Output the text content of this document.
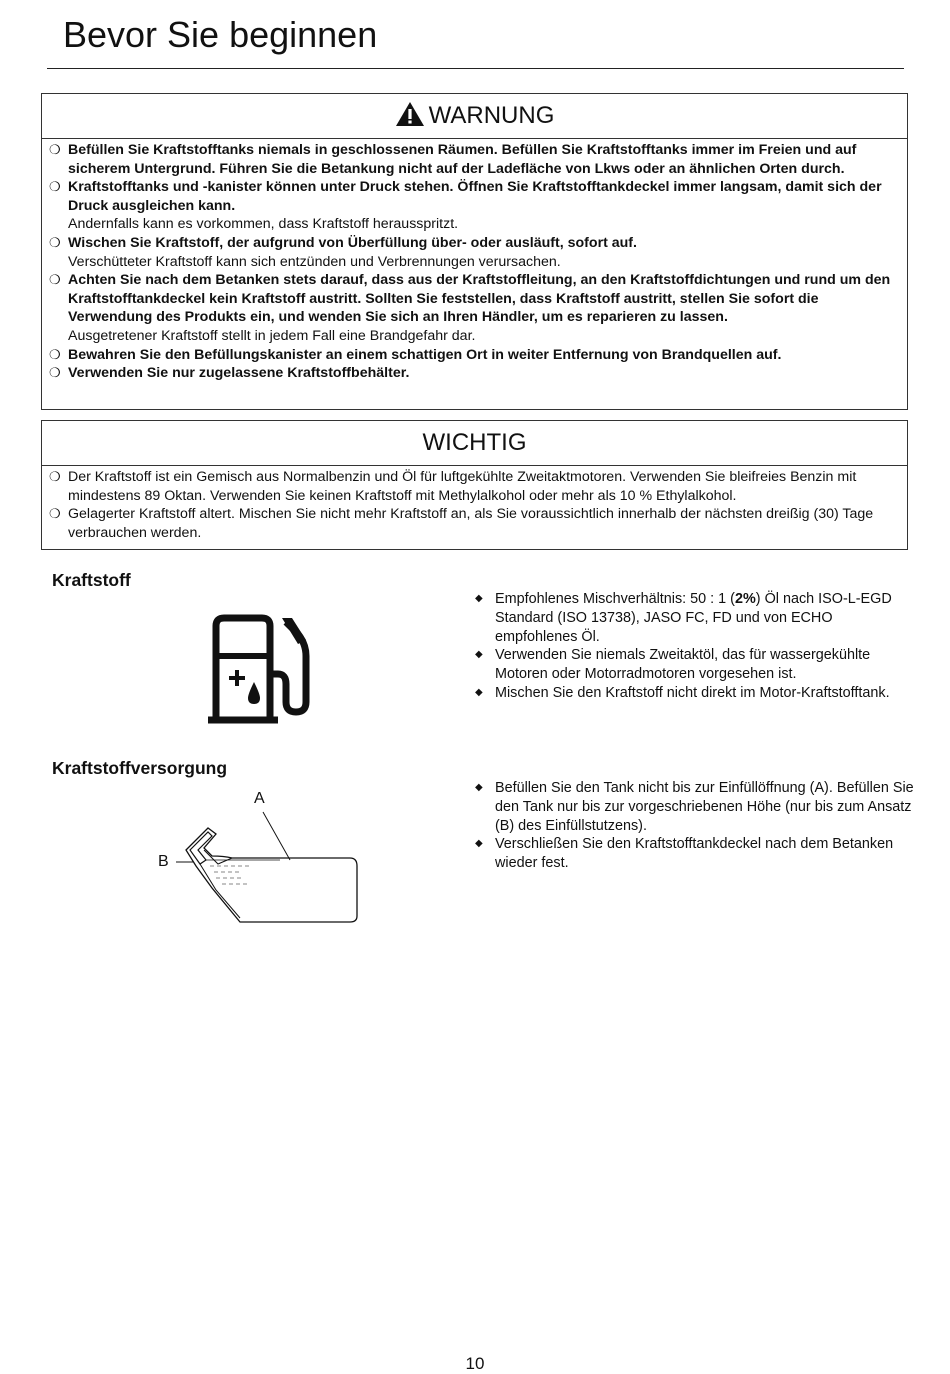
Bevor Sie beginnen
WARNUNG
❍ Befüllen Sie Kraftstofftanks niemals in geschlossenen Räumen. Befüllen Sie Kraftstofftanks immer im Freien und auf sicherem Untergrund. Führen Sie die Betankung nicht auf der Ladefläche von Lkws oder an ähnlichen Orten durch.
❍ Kraftstofftanks und -kanister können unter Druck stehen. Öffnen Sie Kraftstofftankdeckel immer langsam, damit sich der Druck ausgleichen kann.
Andernfalls kann es vorkommen, dass Kraftstoff herausspritzt.
❍ Wischen Sie Kraftstoff, der aufgrund von Überfüllung über- oder ausläuft, sofort auf.
Verschütteter Kraftstoff kann sich entzünden und Verbrennungen verursachen.
❍ Achten Sie nach dem Betanken stets darauf, dass aus der Kraftstoffleitung, an den Kraftstoffdichtungen und rund um den Kraftstofftankdeckel kein Kraftstoff austritt. Sollten Sie feststellen, dass Kraftstoff austritt, stellen Sie sofort die Verwendung des Produkts ein, und wenden Sie sich an Ihren Händler, um es reparieren zu lassen.
Ausgetretener Kraftstoff stellt in jedem Fall eine Brandgefahr dar.
❍ Bewahren Sie den Befüllungskanister an einem schattigen Ort in weiter Entfernung von Brandquellen auf.
❍ Verwenden Sie nur zugelassene Kraftstoffbehälter.
WICHTIG
❍ Der Kraftstoff ist ein Gemisch aus Normalbenzin und Öl für luftgekühlte Zweitaktmotoren. Verwenden Sie bleifreies Benzin mit mindestens 89 Oktan. Verwenden Sie keinen Kraftstoff mit Methylalkohol oder mehr als 10 % Ethylalkohol.
❍ Gelagerter Kraftstoff altert. Mischen Sie nicht mehr Kraftstoff an, als Sie voraussichtlich innerhalb der nächsten dreißig (30) Tage verbrauchen werden.
Kraftstoff
◆ Empfohlenes Mischverhältnis: 50 : 1 (2%) Öl nach ISO-L-EGD Standard (ISO 13738), JASO FC, FD und von ECHO empfohlenes Öl.
◆ Verwenden Sie niemals Zweitaktöl, das für wassergekühlte Motoren oder Motorradmotoren vorgesehen ist.
◆ Mischen Sie den Kraftstoff nicht direkt im Motor-Kraftstofftank.
Kraftstoffversorgung
A
B
◆ Befüllen Sie den Tank nicht bis zur Einfüllöffnung (A). Befüllen Sie den Tank nur bis zur vorgeschriebenen Höhe (nur bis zum Ansatz (B) des Einfüllstutzens).
◆ Verschließen Sie den Kraftstofftankdeckel nach dem Betanken wieder fest.
10
